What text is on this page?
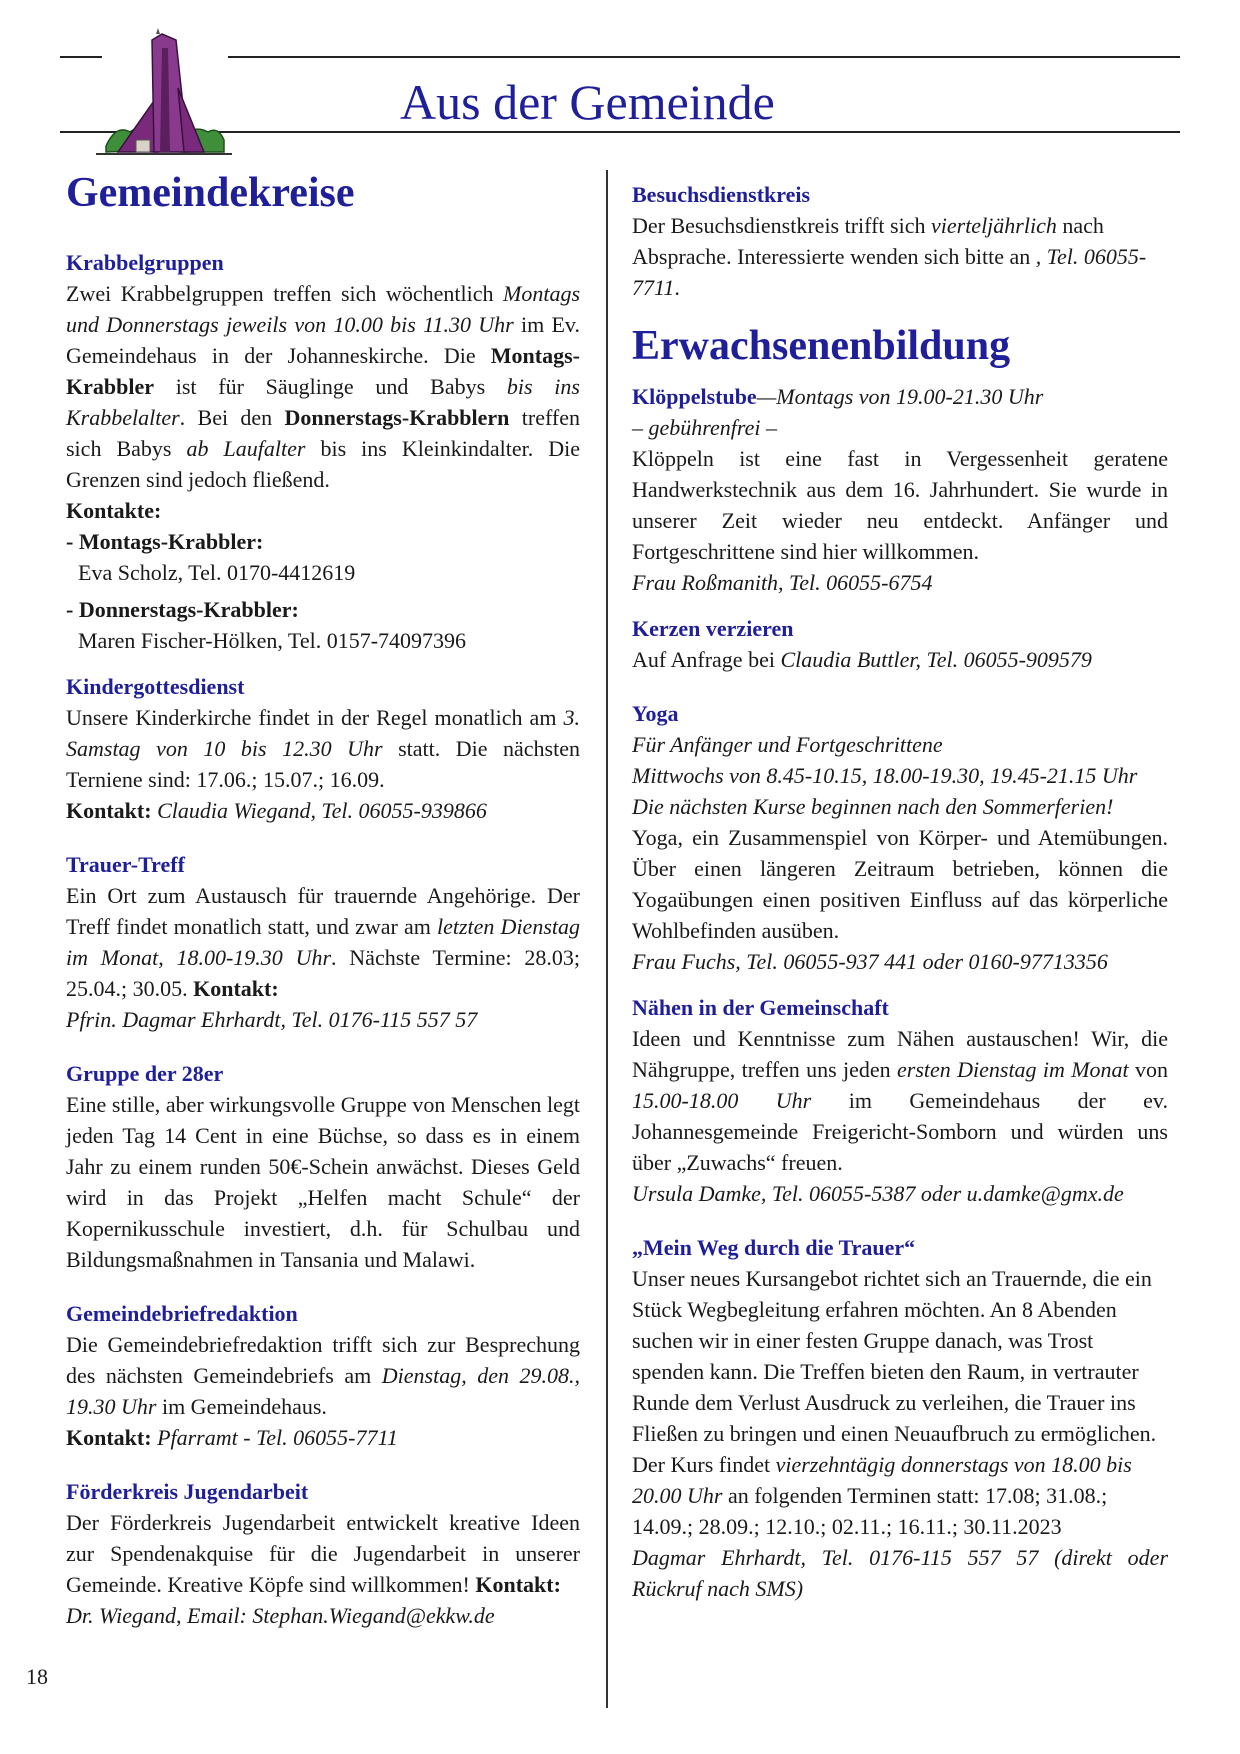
Aus der Gemeinde
Gemeindekreise

Krabbelgruppen

Zwei Krabbelgruppen treffen sich wöchentlich Montags und Donnerstags jeweils von 10.00 bis 11.30 Uhr im Ev. Gemeindehaus in der Johanneskirche. Die Montags-Krabbler ist für Säuglinge und Babys bis ins Krabbelalter. Bei den Donnerstags-Krabblern treffen sich Babys ab Laufalter bis ins Kleinkindalter. Die Grenzen sind jedoch fließend.

Kontakte:

- Montags-Krabbler:

Eva Scholz, Tel. 0170-4412619

- Donnerstags-Krabbler:

Maren Fischer-Hölken, Tel. 0157-74097396

Kindergottesdienst

Unsere Kinderkirche findet in der Regel monatlich am 3. Samstag von 10 bis 12.30 Uhr statt. Die nächsten Terniene sind: 17.06.; 15.07.; 16.09.
Kontakt: Claudia Wiegand, Tel. 06055-939866

Trauer-Treff

Ein Ort zum Austausch für trauernde Angehörige. Der Treff findet monatlich statt, und zwar am letzten Dienstag im Monat, 18.00-19.30 Uhr. Nächste Termine: 28.03; 25.04.; 30.05. Kontakt:
Pfrin. Dagmar Ehrhardt, Tel. 0176-115 557 57

Gruppe der 28er

Eine stille, aber wirkungsvolle Gruppe von Menschen legt jeden Tag 14 Cent in eine Büchse, so dass es in einem Jahr zu einem runden 50€-Schein anwächst. Dieses Geld wird in das Projekt „Helfen macht Schule“ der Kopernikusschule investiert, d.h. für Schulbau und Bildungsmaßnahmen in Tansania und Malawi.

Gemeindebriefredaktion

Die Gemeindebriefredaktion trifft sich zur Besprechung des nächsten Gemeindebriefs am Dienstag, den 29.08., 19.30 Uhr im Gemeindehaus.
Kontakt: Pfarramt - Tel. 06055-7711

Förderkreis Jugendarbeit

Der Förderkreis Jugendarbeit entwickelt kreative Ideen zur Spendenakquise für die Jugendarbeit in unserer Gemeinde. Kreative Köpfe sind willkommen! Kontakt:
Dr. Wiegand, Email: Stephan.Wiegand@ekkw.de

Besuchsdienstkreis

Der Besuchsdienstkreis trifft sich vierteljährlich nach Absprache. Interessierte wenden sich bitte an , Tel. 06055-7711.

Erwachsenenbildung

Klöppelstube—Montags von 19.00-21.30 Uhr

– gebührenfrei –

Klöppeln ist eine fast in Vergessenheit geratene Handwerkstechnik aus dem 16. Jahrhundert. Sie wurde in unserer Zeit wieder neu entdeckt. Anfänger und Fortgeschrittene sind hier willkommen.

Frau Roßmanith, Tel. 06055-6754

Kerzen verzieren

Auf Anfrage bei Claudia Buttler, Tel. 06055-909579

Yoga

Für Anfänger und Fortgeschrittene

Mittwochs von 8.45-10.15, 18.00-19.30, 19.45-21.15 Uhr

Die nächsten Kurse beginnen nach den Sommerferien!

Yoga, ein Zusammenspiel von Körper- und Atemübungen. Über einen längeren Zeitraum betrieben, können die Yogaübungen einen positiven Einfluss auf das körperliche Wohlbefinden ausüben.

Frau Fuchs, Tel. 06055-937 441 oder 0160-97713356

Nähen in der Gemeinschaft

Ideen und Kenntnisse zum Nähen austauschen! Wir, die Nähgruppe, treffen uns jeden ersten Dienstag im Monat von 15.00-18.00 Uhr im Gemeindehaus der ev. Johannesgemeinde Freigericht-Somborn und würden uns über „Zuwachs“ freuen.

Ursula Damke, Tel. 06055-5387 oder u.damke@gmx.de

„Mein Weg durch die Trauer“

Unser neues Kursangebot richtet sich an Trauernde, die ein Stück Wegbegleitung erfahren möchten. An 8 Abenden suchen wir in einer festen Gruppe danach, was Trost spenden kann. Die Treffen bieten den Raum, in vertrauter Runde dem Verlust Ausdruck zu verleihen, die Trauer ins Fließen zu bringen und einen Neuaufbruch zu ermöglichen. Der Kurs findet vierzehntägig donnerstags von 18.00 bis 20.00 Uhr an folgenden Terminen statt: 17.08; 31.08.; 14.09.; 28.09.; 12.10.; 02.11.; 16.11.; 30.11.2023

Dagmar Ehrhardt, Tel. 0176-115 557 57 (direkt oder Rückruf nach SMS)

18
